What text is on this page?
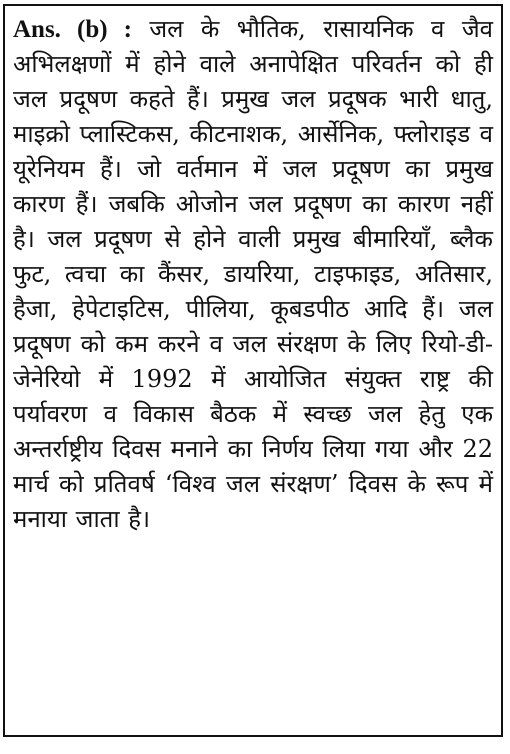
Ans. (b) : जल के भौतिक, रासायनिक व जैव अभिलक्षणों में होने वाले अनापेक्षित परिवर्तन को ही जल प्रदूषण कहते हैं। प्रमुख जल प्रदूषक भारी धातु, माइक्रो प्लास्टिकस, कीटनाशक, आर्सेनिक, फ्लोराइड व यूरेनियम हैं। जो वर्तमान में जल प्रदूषण का प्रमुख कारण हैं। जबकि ओजोन जल प्रदूषण का कारण नहीं है। जल प्रदूषण से होने वाली प्रमुख बीमारियाँ, ब्लैक फुट, त्वचा का कैंसर, डायरिया, टाइफाइड, अतिसार, हैजा, हेपेटाइटिस, पीलिया, कूबडपीठ आदि हैं। जल प्रदूषण को कम करने व जल संरक्षण के लिए रियो-डी-जेनेरियो में 1992 में आयोजित संयुक्त राष्ट्र की पर्यावरण व विकास बैठक में स्वच्छ जल हेतु एक अन्तर्राष्ट्रीय दिवस मनाने का निर्णय लिया गया और 22 मार्च को प्रतिवर्ष ‘विश्व जल संरक्षण’ दिवस के रूप में मनाया जाता है।
